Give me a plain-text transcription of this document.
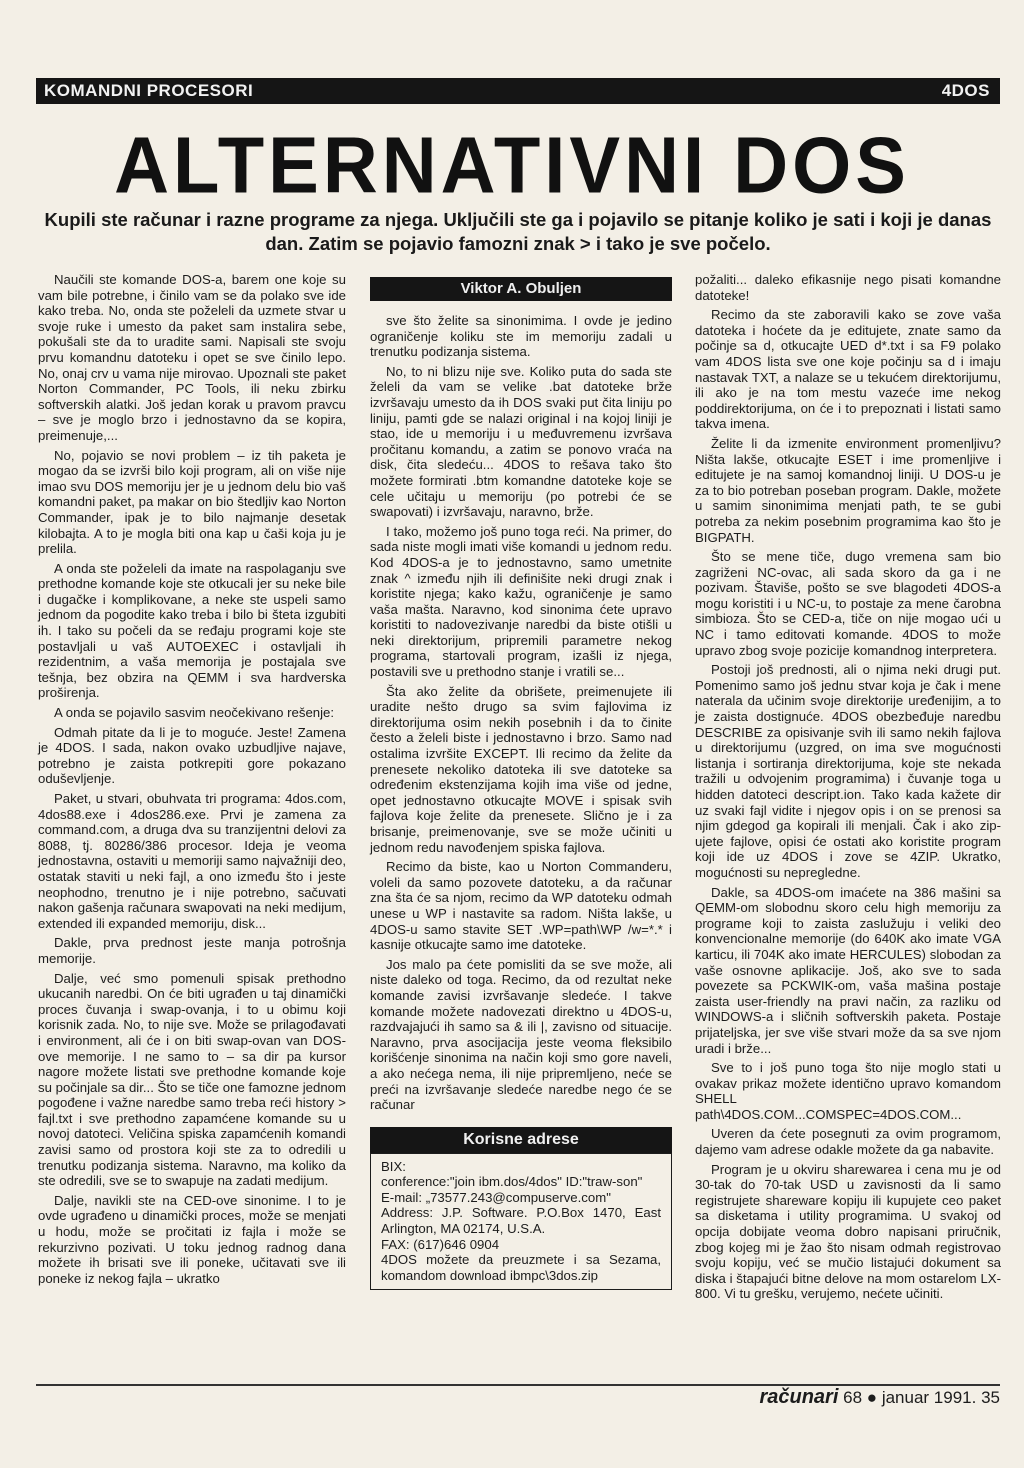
KOMANDNI PROCESORI	4DOS
ALTERNATIVNI DOS
Kupili ste računar i razne programe za njega. Uključili ste ga i pojavilo se pitanje koliko je sati i koji je danas dan. Zatim se pojavio famozni znak > i tako je sve počelo.

Naučili ste komande DOS-a, barem one koje su vam bile potrebne, i činilo vam se da polako sve ide kako treba. No, onda ste poželeli da uzmete stvar u svoje ruke i umesto da paket sam instalira sebe, pokušali ste da to uradite sami. Napisali ste svoju prvu komandnu datoteku i opet se sve činilo lepo. No, onaj crv u vama nije mirovao. Upoznali ste paket Norton Commander, PC Tools, ili neku zbirku softverskih alatki. Još jedan korak u pravom pravcu – sve je moglo brzo i jednostavno da se kopira, preimenuje,...

No, pojavio se novi problem – iz tih paketa je mogao da se izvrši bilo koji program, ali on više nije imao svu DOS memoriju jer je u jednom delu bio vaš komandni paket, pa makar on bio štedljiv kao Norton Commander, ipak je to bilo najmanje desetak kilobajta. A to je mogla biti ona kap u čaši koja ju je prelila.

A onda ste poželeli da imate na raspolaganju sve prethodne komande koje ste otkucali jer su neke bile i dugačke i komplikovane, a neke ste uspeli samo jednom da pogodite kako treba i bilo bi šteta izgubiti ih. I tako su počeli da se ređaju programi koje ste postavljali u vaš AUTOEXEC i ostavljali ih rezidentnim, a vaša memorija je postajala sve tešnja, bez obzira na QEMM i sva hardverska proširenja.

A onda se pojavilo sasvim neočekivano rešenje:

Odmah pitate da li je to moguće. Jeste! Zamena je 4DOS. I sada, nakon ovako uzbudljive najave, potrebno je zaista potkrepiti gore pokazano oduševljenje.

Paket, u stvari, obuhvata tri programa: 4dos.com, 4dos88.exe i 4dos286.exe. Prvi je zamena za command.com, a druga dva su tranzijentni delovi za 8088, tj. 80286/386 procesor. Ideja je veoma jednostavna, ostaviti u memoriji samo najvažniji deo, ostatak staviti u neki fajl, a ono između što i jeste neophodno, trenutno je i nije potrebno, sačuvati nakon gašenja računara swapovati na neki medijum, extended ili expanded memoriju, disk...

Dakle, prva prednost jeste manja potrošnja memorije.

Dalje, već smo pomenuli spisak prethodno ukucanih naredbi. On će biti ugrađen u taj dinamički proces čuvanja i swap-ovanja, i to u obimu koji korisnik zada. No, to nije sve. Može se prilagođavati i environment, ali će i on biti swap-ovan van DOS-ove memorije. I ne samo to – sa dir pa kursor nagore možete listati sve prethodne komande koje su počinjale sa dir... Što se tiče one famozne jednom pogođene i važne naredbe samo treba reći history > fajl.txt i sve prethodno zapamćene komande su u novoj datoteci. Veličina spiska zapamćenih komandi zavisi samo od prostora koji ste za to odredili u trenutku podizanja sistema. Naravno, ma koliko da ste odredili, sve se to swapuje na zadati medijum.

Dalje, navikli ste na CED-ove sinonime. I to je ovde ugrađeno u dinamički proces, može se menjati u hodu, može se pročitati iz fajla i može se rekurzivno pozivati. U toku jednog radnog dana možete ih brisati sve ili poneke, učitavati sve ili poneke iz nekog fajla – ukratko

Viktor A. Obuljen

sve što želite sa sinonimima. I ovde je jedino ograničenje koliku ste im memoriju zadali u trenutku podizanja sistema.

No, to ni blizu nije sve. Koliko puta do sada ste želeli da vam se velike .bat datoteke brže izvršavaju umesto da ih DOS svaki put čita liniju po liniju, pamti gde se nalazi original i na kojoj liniji je stao, ide u memoriju i u međuvremenu izvršava pročitanu komandu, a zatim se ponovo vraća na disk, čita sledeću... 4DOS to rešava tako što možete formirati .btm komandne datoteke koje se cele učitaju u memoriju (po potrebi će se swapovati) i izvršavaju, naravno, brže.

I tako, možemo još puno toga reći. Na primer, do sada niste mogli imati više komandi u jednom redu. Kod 4DOS-a je to jednostavno, samo umetnite znak ^ između njih ili definišite neki drugi znak i koristite njega; kako kažu, ograničenje je samo vaša mašta. Naravno, kod sinonima ćete upravo koristiti to nadovezivanje naredbi da biste otišli u neki direktorijum, pripremili parametre nekog programa, startovali program, izašli iz njega, postavili sve u prethodno stanje i vratili se...

Šta ako želite da obrišete, preimenujete ili uradite nešto drugo sa svim fajlovima iz direktorijuma osim nekih posebnih i da to činite često a želeli biste i jednostavno i brzo. Samo nad ostalima izvršite EXCEPT. Ili recimo da želite da prenesete nekoliko datoteka ili sve datoteke sa određenim ekstenzijama kojih ima više od jedne, opet jednostavno otkucajte MOVE i spisak svih fajlova koje želite da prenesete. Slično je i za brisanje, preimenovanje, sve se može učiniti u jednom redu navođenjem spiska fajlova.

Recimo da biste, kao u Norton Commanderu, voleli da samo pozovete datoteku, a da računar zna šta će sa njom, recimo da WP datoteku odmah unese u WP i nastavite sa radom. Ništa lakše, u 4DOS-u samo stavite SET .WP=path\WP /w=*.* i kasnije otkucajte samo ime datoteke.

Jos malo pa ćete pomisliti da se sve može, ali niste daleko od toga. Recimo, da od rezultat neke komande zavisi izvršavanje sledeće. I takve komande možete nadovezati direktno u 4DOS-u, razdvajajući ih samo sa & ili |, zavisno od situacije. Naravno, prva asocijacija jeste veoma fleksibilo korišćenje sinonima na način koji smo gore naveli, a ako nećega nema, ili nije pripremljeno, neće se preći na izvršavanje sledeće naredbe nego će se računar

Korisne adrese
BIX:
conference:"join ibm.dos/4dos" ID:"traw-son"
E-mail: „73577.243@compuserve.com"
Address: J.P. Software. P.O.Box 1470, East Arlington, MA 02174, U.S.A.
FAX: (617)646 0904
4DOS možete da preuzmete i sa Sezama, komandom download ibmpc\3dos.zip

požaliti... daleko efikasnije nego pisati komandne datoteke!

Recimo da ste zaboravili kako se zove vaša datoteka i hoćete da je editujete, znate samo da počinje sa d, otkucajte UED d*.txt i sa F9 polako vam 4DOS lista sve one koje počinju sa d i imaju nastavak TXT, a nalaze se u tekućem direktorijumu, ili ako je na tom mestu vazeće ime nekog poddirektorijuma, on će i to prepoznati i listati samo takva imena.

Želite li da izmenite environment promenljivu? Ništa lakše, otkucajte ESET i ime promenljive i editujete je na samoj komandnoj liniji. U DOS-u je za to bio potreban poseban program. Dakle, možete u samim sinonimima menjati path, te se gubi potreba za nekim posebnim programima kao što je BIGPATH.

Što se mene tiče, dugo vremena sam bio zagriženi NC-ovac, ali sada skoro da ga i ne pozivam. Štaviše, pošto se sve blagodeti 4DOS-a mogu koristiti i u NC-u, to postaje za mene čarobna simbioza. Što se CED-a, tiče on nije mogao ući u NC i tamo editovati komande. 4DOS to može upravo zbog svoje pozicije komandnog interpretera.

Postoji još prednosti, ali o njima neki drugi put. Pomenimo samo još jednu stvar koja je čak i mene naterala da učinim svoje direktorije uređenijim, a to je zaista dostignuće. 4DOS obezbeđuje naredbu DESCRIBE za opisivanje svih ili samo nekih fajlova u direktorijumu (uzgred, on ima sve mogućnosti listanja i sortiranja direktorijuma, koje ste nekada tražili u odvojenim programima) i čuvanje toga u hidden datoteci descript.ion. Tako kada kažete dir uz svaki fajl vidite i njegov opis i on se prenosi sa njim gdegod ga kopirali ili menjali. Čak i ako zip-ujete fajlove, opisi će ostati ako koristite program koji ide uz 4DOS i zove se 4ZIP. Ukratko, mogućnosti su nepregledne.

Dakle, sa 4DOS-om imaćete na 386 mašini sa QEMM-om slobodnu skoro celu high memoriju za programe koji to zaista zaslužuju i veliki deo konvencionalne memorije (do 640K ako imate VGA karticu, ili 704K ako imate HERCULES) slobodan za vaše osnovne aplikacije. Još, ako sve to sada povezete sa PCKWIK-om, vaša mašina postaje zaista user-friendly na pravi način, za razliku od WINDOWS-a i sličnih softverskih paketa. Postaje prijateljska, jer sve više stvari može da sa sve njom uradi i brže...

Sve to i još puno toga što nije moglo stati u ovakav prikaz možete identično upravo komandom SHELL path\4DOS.COM...COMSPEC=4DOS.COM...

Uveren da ćete posegnuti za ovim programom, dajemo vam adrese odakle možete da ga nabavite.

Program je u okviru sharewarea i cena mu je od 30-tak do 70-tak USD u zavisnosti da li samo registrujete shareware kopiju ili kupujete ceo paket sa disketama i utility programima. U svakoj od opcija dobijate veoma dobro napisani priručnik, zbog kojeg mi je žao što nisam odmah registrovao svoju kopiju, već se mučio listajući dokument sa diska i štapajući bitne delove na mom ostarelom LX-800. Vi tu grešku, verujemo, nećete učiniti.

računari 68 ● januar 1991. 35
